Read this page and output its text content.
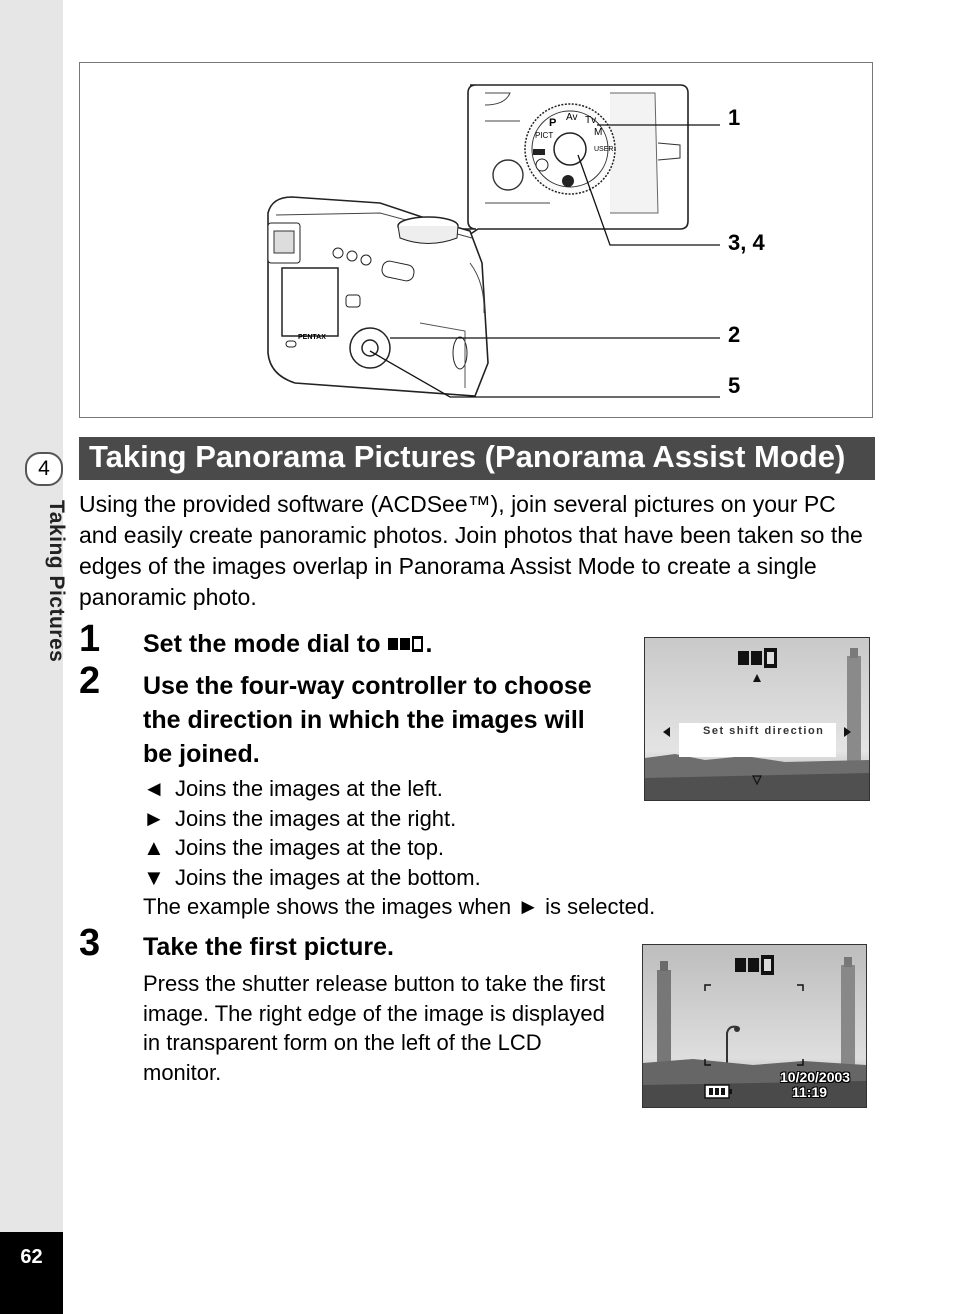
4
Taking Pictures
62
P Av Tv
M
PICT
USER
PENTAX
1
3, 4
2
5
Taking Panorama Pictures (Panorama Assist Mode)

Using the provided software (ACDSee™), join several pictures on your PC and easily create panoramic photos. Join photos that have been taken so the edges of the images overlap in Panorama Assist Mode to create a single panoramic photo.

1 Set the mode dial to .
2 Use the four-way controller to choose the direction in which the images will be joined.
◄ Joins the images at the left.
► Joins the images at the right.
▲ Joins the images at the top.
▼ Joins the images at the bottom.
The example shows the images when ► is selected.
Set shift direction
3 Take the first picture.

Press the shutter release button to take the first image. The right edge of the image is displayed in transparent form on the left of the LCD monitor.	10/20/2003
11:19
